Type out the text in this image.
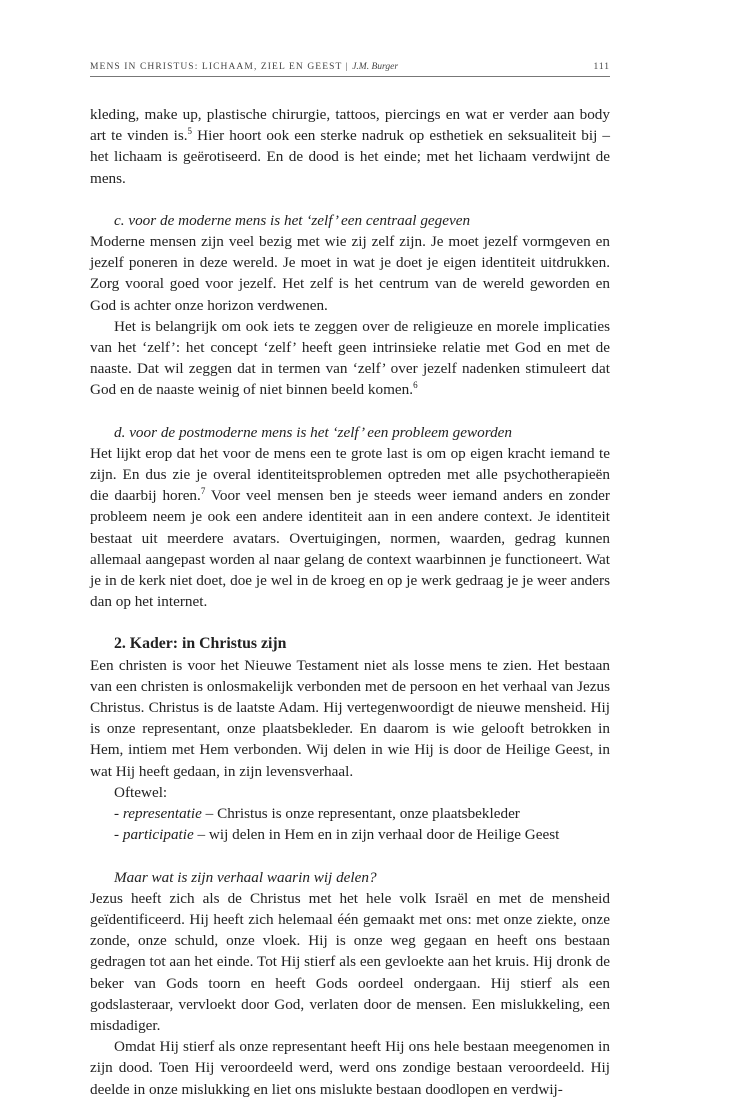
MENS IN CHRISTUS: LICHAAM, ZIEL EN GEEST | J.M. Burger	111

kleding, make up, plastische chirurgie, tattoos, piercings en wat er verder aan body art te vinden is.$^5$ Hier hoort ook een sterke nadruk op esthetiek en seksualiteit bij – het lichaam is geërotiseerd. En de dood is het einde; met het lichaam verdwijnt de mens.

c. voor de moderne mens is het ‘zelf’ een centraal gegeven

Moderne mensen zijn veel bezig met wie zij zelf zijn. Je moet jezelf vormgeven en jezelf poneren in deze wereld. Je moet in wat je doet je eigen identiteit uitdrukken. Zorg vooral goed voor jezelf. Het zelf is het centrum van de wereld geworden en God is achter onze horizon verdwenen.

Het is belangrijk om ook iets te zeggen over de religieuze en morele implicaties van het ‘zelf’: het concept ‘zelf’ heeft geen intrinsieke relatie met God en met de naaste. Dat wil zeggen dat in termen van ‘zelf’ over jezelf nadenken stimuleert dat God en de naaste weinig of niet binnen beeld komen.$^6$

d. voor de postmoderne mens is het ‘zelf’ een probleem geworden

Het lijkt erop dat het voor de mens een te grote last is om op eigen kracht iemand te zijn. En dus zie je overal identiteitsproblemen optreden met alle psychotherapieën die daarbij horen.$^7$ Voor veel mensen ben je steeds weer iemand anders en zonder probleem neem je ook een andere identiteit aan in een andere context. Je identiteit bestaat uit meerdere avatars. Overtuigingen, normen, waarden, gedrag kunnen allemaal aangepast worden al naar gelang de context waarbinnen je functioneert. Wat je in de kerk niet doet, doe je wel in de kroeg en op je werk gedraag je je weer anders dan op het internet.

2. Kader: in Christus zijn

Een christen is voor het Nieuwe Testament niet als losse mens te zien. Het bestaan van een christen is onlosmakelijk verbonden met de persoon en het verhaal van Jezus Christus. Christus is de laatste Adam. Hij vertegenwoordigt de nieuwe mensheid. Hij is onze representant, onze plaatsbekleder. En daarom is wie gelooft betrokken in Hem, intiem met Hem verbonden. Wij delen in wie Hij is door de Heilige Geest, in wat Hij heeft gedaan, in zijn levensverhaal.

Oftewel:

- representatie – Christus is onze representant, onze plaatsbekleder

- participatie – wij delen in Hem en in zijn verhaal door de Heilige Geest

Maar wat is zijn verhaal waarin wij delen?

Jezus heeft zich als de Christus met het hele volk Israël en met de mensheid geïdentificeerd. Hij heeft zich helemaal één gemaakt met ons: met onze ziekte, onze zonde, onze schuld, onze vloek. Hij is onze weg gegaan en heeft ons bestaan gedragen tot aan het einde. Tot Hij stierf als een gevloekte aan het kruis. Hij dronk de beker van Gods toorn en heeft Gods oordeel ondergaan. Hij stierf als een godslasteraar, vervloekt door God, verlaten door de mensen. Een mislukkeling, een misdadiger.

Omdat Hij stierf als onze representant heeft Hij ons hele bestaan meegenomen in zijn dood. Toen Hij veroordeeld werd, werd ons zondige bestaan veroordeeld. Hij deelde in onze mislukking en liet ons mislukte bestaan doodlopen en verdwij-
